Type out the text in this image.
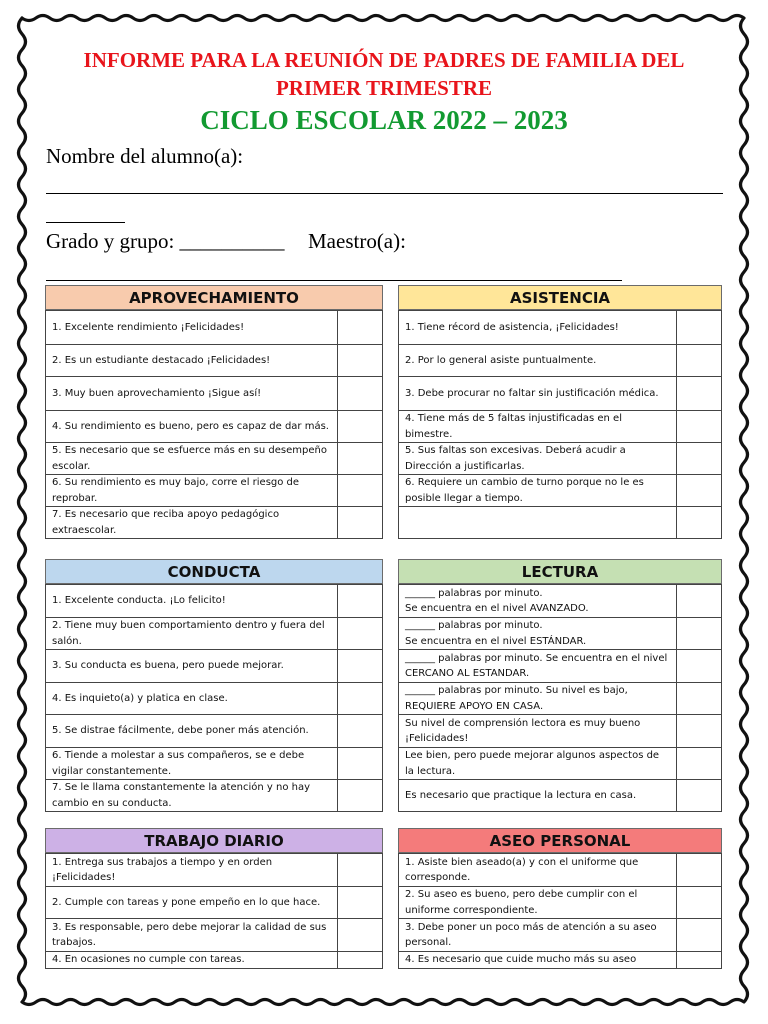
INFORME PARA LA REUNIÓN DE PADRES DE FAMILIA DEL
PRIMER TRIMESTRE
CICLO ESCOLAR 2022 – 2023
Nombre del alumno(a):
Grado y grupo: __________ Maestro(a):
APROVECHAMIENTO
1. Excelente rendimiento ¡Felicidades!
2. Es un estudiante destacado ¡Felicidades!
3. Muy buen aprovechamiento ¡Sigue así!
4. Su rendimiento es bueno, pero es capaz de dar más.
5. Es necesario que se esfuerce más en su desempeño escolar.
6. Su rendimiento es muy bajo, corre el riesgo de reprobar.
7. Es necesario que reciba apoyo pedagógico extraescolar.
ASISTENCIA
1. Tiene récord de asistencia, ¡Felicidades!
2. Por lo general asiste puntualmente.
3. Debe procurar no faltar sin justificación médica.
4. Tiene más de 5 faltas injustificadas en el bimestre.
5. Sus faltas son excesivas. Deberá acudir a Dirección a justificarlas.
6. Requiere un cambio de turno porque no le es posible llegar a tiempo.
CONDUCTA
1. Excelente conducta. ¡Lo felicito!
2. Tiene muy buen comportamiento dentro y fuera del salón.
3. Su conducta es buena, pero puede mejorar.
4. Es inquieto(a) y platica en clase.
5. Se distrae fácilmente, debe poner más atención.
6. Tiende a molestar a sus compañeros, se e debe vigilar constantemente.
7. Se le llama constantemente la atención y no hay cambio en su conducta.
LECTURA
______ palabras por minuto.
Se encuentra en el nivel AVANZADO.
______ palabras por minuto.
Se encuentra en el nivel ESTÁNDAR.
______ palabras por minuto. Se encuentra en el nivel CERCANO AL ESTANDAR.
______ palabras por minuto. Su nivel es bajo, REQUIERE APOYO EN CASA.
Su nivel de comprensión lectora es muy bueno ¡Felicidades!
Lee bien, pero puede mejorar algunos aspectos de la lectura.
Es necesario que practique la lectura en casa.
TRABAJO DIARIO
1. Entrega sus trabajos a tiempo y en orden ¡Felicidades!
2. Cumple con tareas y pone empeño en lo que hace.
3. Es responsable, pero debe mejorar la calidad de sus trabajos.
4. En ocasiones no cumple con tareas.
ASEO PERSONAL
1. Asiste bien aseado(a) y con el uniforme que corresponde.
2. Su aseo es bueno, pero debe cumplir con el uniforme correspondiente.
3. Debe poner un poco más de atención a su aseo personal.
4. Es necesario que cuide mucho más su aseo
